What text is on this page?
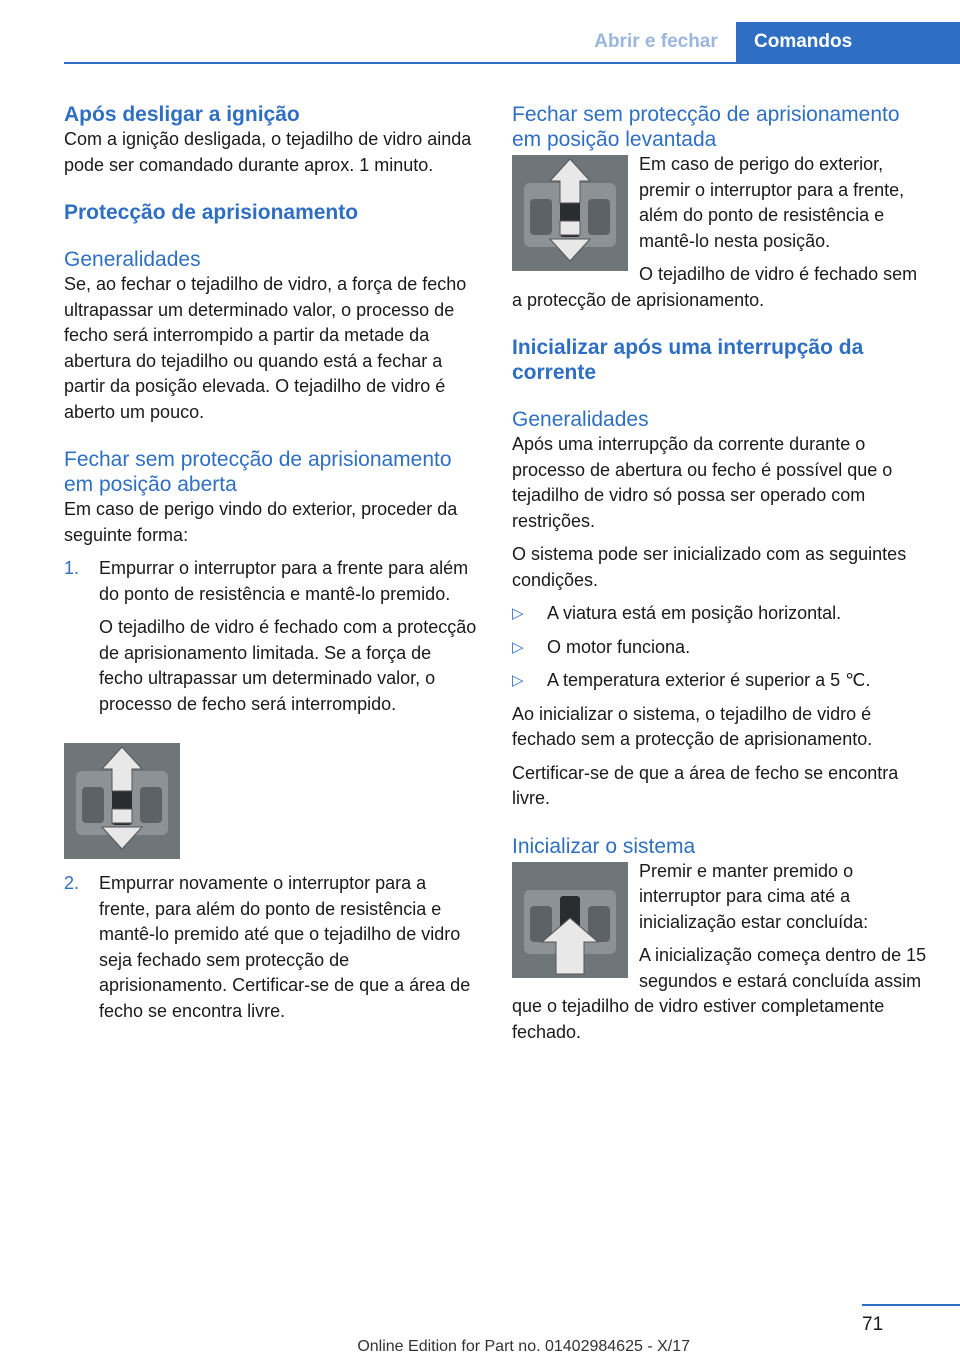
Abrir e fechar	Comandos
Após desligar a ignição

Com a ignição desligada, o tejadilho de vidro ainda pode ser comandado durante aprox. 1 minuto.

Protecção de aprisionamento
Generalidades

Se, ao fechar o tejadilho de vidro, a força de fecho ultrapassar um determinado valor, o processo de fecho será interrompido a partir da metade da abertura do tejadilho ou quando está a fechar a partir da posição elevada. O tejadilho de vidro é aberto um pouco.

Fechar sem protecção de aprisionamento em posição aberta

Em caso de perigo vindo do exterior, proceder da seguinte forma:

1. Empurrar o interruptor para a frente para além do ponto de resistência e mantê-lo premido.

O tejadilho de vidro é fechado com a protecção de aprisionamento limitada. Se a força de fecho ultrapassar um determinado valor, o processo de fecho será interrompido.

2. Empurrar novamente o interruptor para a frente, para além do ponto de resistência e mantê-lo premido até que o tejadilho de vidro seja fechado sem protecção de aprisionamento. Certificar-se de que a área de fecho se encontra livre.

Fechar sem protecção de aprisionamento em posição levantada

Em caso de perigo do exterior, premir o interruptor para a frente, além do ponto de resistência e mantê-lo nesta posição.

O tejadilho de vidro é fechado sem a protecção de aprisionamento.

Inicializar após uma interrupção da corrente
Generalidades

Após uma interrupção da corrente durante o processo de abertura ou fecho é possível que o tejadilho de vidro só possa ser operado com restrições.

O sistema pode ser inicializado com as seguintes condições.

▷ A viatura está em posição horizontal.

▷ O motor funciona.

▷ A temperatura exterior é superior a 5 ℃.

Ao inicializar o sistema, o tejadilho de vidro é fechado sem a protecção de aprisionamento.

Certificar-se de que a área de fecho se encontra livre.

Inicializar o sistema

Premir e manter premido o interruptor para cima até a inicialização estar concluída:

A inicialização começa dentro de 15 segundos e estará concluída assim que o tejadilho de vidro estiver completamente fechado.

71
Online Edition for Part no. 01402984625 - X/17
